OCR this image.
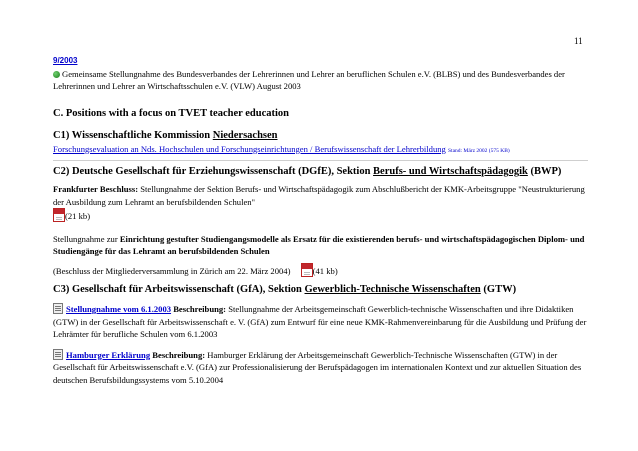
11
9/2003

Gemeinsame Stellungnahme des Bundesverbandes der Lehrerinnen und Lehrer an beruflichen Schulen e.V. (BLBS) und des Bundesverbandes der Lehrerinnen und Lehrer an Wirtschaftsschulen e.V. (VLW) August 2003

C. Positions with a focus on TVET teacher education

C1) Wissenschaftliche Kommission Niedersachsen

Forschungsevaluation an Nds. Hochschulen und Forschungseinrichtungen / Berufswissenschaft der Lehrerbildung Stand: März 2002 (575 KB)

C2) Deutsche Gesellschaft für Erziehungswissenschaft (DGfE), Sektion Berufs- und Wirtschaftspädagogik (BWP)

Frankfurter Beschluss: Stellungnahme der Sektion Berufs- und Wirtschaftspädagogik zum Abschlußbericht der KMK-Arbeitsgruppe "Neustrukturierung der Ausbildung zum Lehramt an berufsbildenden Schulen"

(21 kb)

Stellungnahme zur Einrichtung gestufter Studiengangsmodelle als Ersatz für die existierenden berufs- und wirtschaftspädagogischen Diplom- und Studiengänge für das Lehramt an berufsbildenden Schulen

(Beschluss der Mitgliederversammlung in Zürich am 22. März 2004)	(41 kb)

C3) Gesellschaft für Arbeitswissenschaft (GfA), Sektion Gewerblich-Technische Wissenschaften (GTW)

Stellungnahme vom 6.1.2003 Beschreibung: Stellungnahme der Arbeitsgemeinschaft Gewerblich-technische Wissenschaften und ihre Didaktiken (GTW) in der Gesellschaft für Arbeitswissenschaft e. V. (GfA) zum Entwurf für eine neue KMK-Rahmenvereinbarung für die Ausbildung und Prüfung der Lehrämter für berufliche Schulen vom 6.1.2003

Hamburger Erklärung Beschreibung: Hamburger Erklärung der Arbeitsgemeinschaft Gewerblich-Technische Wissenschaften (GTW) in der Gesellschaft für Arbeitswissenschaft e.V. (GfA) zur Professionalisierung der Berufspädagogen im internationalen Kontext und zur aktuellen Situation des deutschen Berufsbildungssystems vom 5.10.2004
